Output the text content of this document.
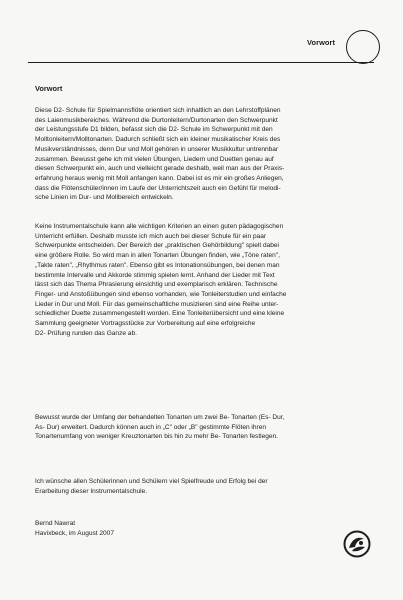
Vorwort
Vorwort
Diese D2- Schule für Spielmannsflöte orientiert sich inhaltlich an den Lehrstoffplänen
des Laienmusikbereiches. Während die Durtonleitern/Durtonarten den Schwerpunkt
der Leistungsstufe D1 bilden, befasst sich die D2- Schule im Schwerpunkt mit den
Molltonleitern/Molltonarten. Dadurch schließt sich ein kleiner musikalischer Kreis des
Musikverständnisses, denn Dur und Moll gehören in unserer Musikkultur untrennbar
zusammen. Bewusst gehe ich mit vielen Übungen, Liedern und Duetten genau auf
diesen Schwerpunkt ein, auch und vielleicht gerade deshalb, weil man aus der Praxis-
erfahrung heraus wenig mit Moll anfangen kann. Dabei ist es mir ein großes Anliegen,
dass die Flötenschüler/innen im Laufe der Unterrichtszeit auch ein Gefühl für melodi-
sche Linien im Dur- und Mollbereich entwickeln.
Keine Instrumentalschule kann alle wichtigen Kriterien an einen guten pädagogischen
Unterricht erfüllen. Deshalb musste ich mich auch bei dieser Schule für ein paar
Schwerpunkte entscheiden. Der Bereich der „praktischen Gehörbildung" spielt dabei
eine größere Rolle. So wird man in allen Tonarten Übungen finden, wie „Töne raten",
„Takte raten", „Rhythmus raten". Ebenso gibt es Intonationsübungen, bei denen man
bestimmte Intervalle und Akkorde stimmig spielen lernt. Anhand der Lieder mit Text
lässt sich das Thema Phrasierung einsichtig und exemplarisch erklären. Technische
Finger- und Anstoßübungen sind ebenso vorhanden, wie Tonleiterstudien und einfache
Lieder in Dur und Moll. Für das gemeinschaftliche musizieren sind eine Reihe unter-
schiedlicher Duette zusammengestellt worden. Eine Tonleiterübersicht und eine kleine
Sammlung geeigneter Vortragsstücke zur Vorbereitung auf eine erfolgreiche
D2- Prüfung runden das Ganze ab.
Bewusst wurde der Umfang der behandelten Tonarten um zwei Be- Tonarten (Es- Dur,
As- Dur) erweitert. Dadurch können auch in „C" oder „B" gestimmte Flöten ihren
Tonartenumfang von weniger Kreuztonarten bis hin zu mehr Be- Tonarten festlegen.
Ich wünsche allen Schülerinnen und Schülern viel Spielfreude und Erfolg bei der
Erarbeitung dieser Instrumentalschule.
Bernd Nawrat
Havixbeck, im August 2007
